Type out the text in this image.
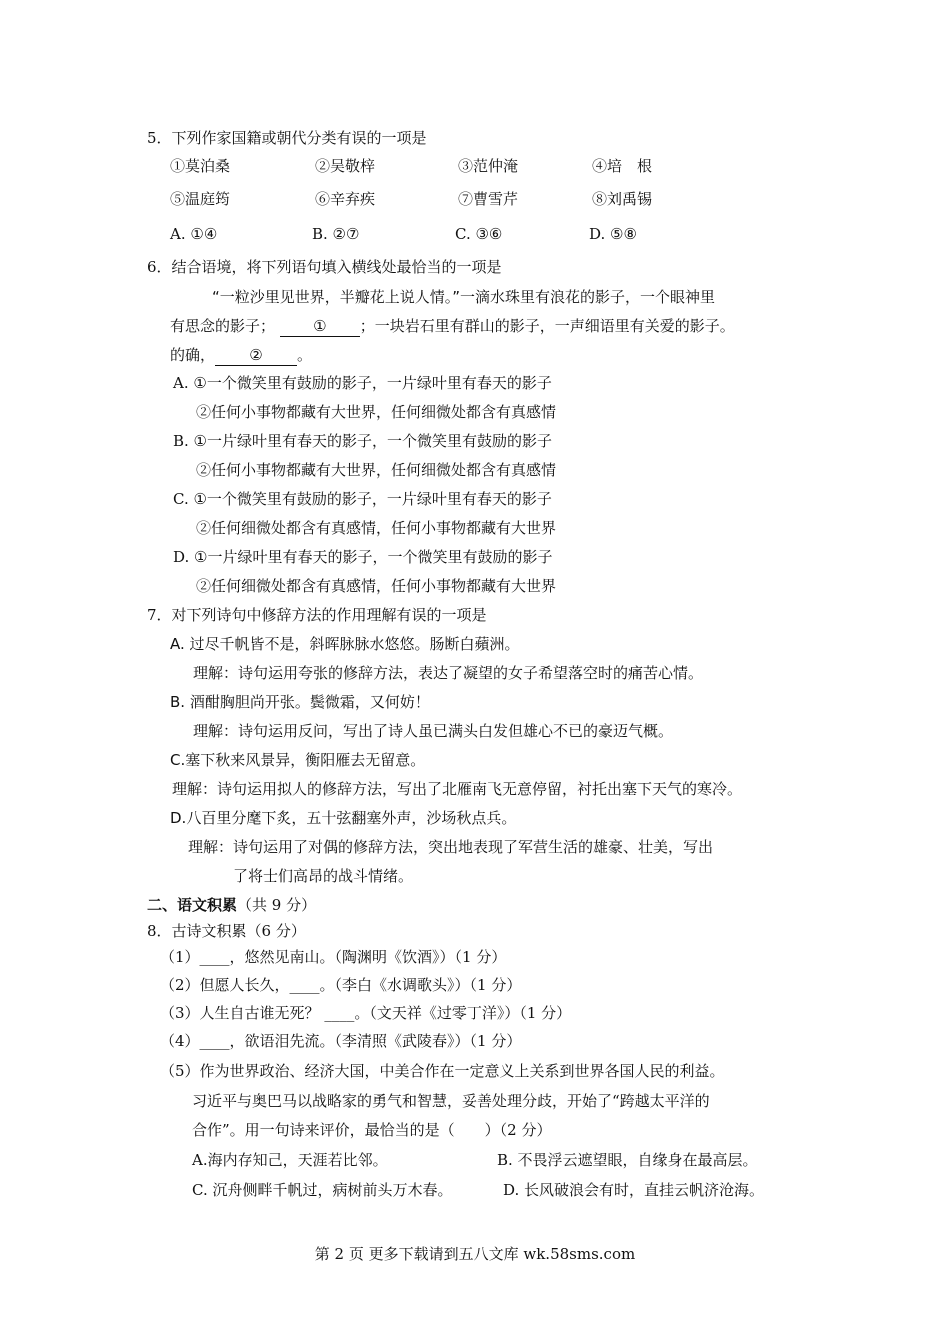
5．下列作家国籍或朝代分类有误的一项是
①莫泊桑	②吴敬梓	③范仲淹	④培　根
⑤温庭筠	⑥辛弃疾	⑦曹雪芹	⑧刘禹锡
A. ①④	B. ②⑦	C. ③⑥	D. ⑤⑧
6．结合语境，将下列语句填入横线处最恰当的一项是
“一粒沙里见世界，半瓣花上说人情。”一滴水珠里有浪花的影子，一个眼神里
有思念的影子；	① ；一块岩石里有群山的影子，一声细语里有关爱的影子。
的确， ② 。
A. ①一个微笑里有鼓励的影子，一片绿叶里有春天的影子
②任何小事物都藏有大世界，任何细微处都含有真感情
B. ①一片绿叶里有春天的影子，一个微笑里有鼓励的影子
②任何小事物都藏有大世界，任何细微处都含有真感情
C. ①一个微笑里有鼓励的影子，一片绿叶里有春天的影子
②任何细微处都含有真感情，任何小事物都藏有大世界
D. ①一片绿叶里有春天的影子，一个微笑里有鼓励的影子
②任何细微处都含有真感情，任何小事物都藏有大世界
7．对下列诗句中修辞方法的作用理解有误的一项是
A. 过尽千帆皆不是，斜晖脉脉水悠悠。肠断白蘋洲。
理解：诗句运用夸张的修辞方法，表达了凝望的女子希望落空时的痛苦心情。
B. 酒酣胸胆尚开张。鬓微霜，又何妨！
理解：诗句运用反问，写出了诗人虽已满头白发但雄心不已的豪迈气概。
C.塞下秋来风景异，衡阳雁去无留意。
理解：诗句运用拟人的修辞方法，写出了北雁南飞无意停留，衬托出塞下天气的寒冷。
D.八百里分麾下炙，五十弦翻塞外声，沙场秋点兵。
理解：诗句运用了对偶的修辞方法，突出地表现了军营生活的雄豪、壮美，写出
了将士们高昂的战斗情绪。
二、语文积累（共 9 分）
8．古诗文积累（6 分）
（1）____，悠然见南山。（陶渊明《饮酒》）（1 分）
（2）但愿人长久，____。（李白《水调歌头》）（1 分）
（3）人生自古谁无死？ ____。（文天祥《过零丁洋》）（1 分）
（4）____，欲语泪先流。（李清照《武陵春》）（1 分）
（5）作为世界政治、经济大国，中美合作在一定意义上关系到世界各国人民的利益。
习近平与奥巴马以战略家的勇气和智慧，妥善处理分歧，开始了“跨越太平洋的
合作”。用一句诗来评价，最恰当的是（　　）（2 分）
A.海内存知己，天涯若比邻。	B. 不畏浮云遮望眼，自缘身在最高层。
C. 沉舟侧畔千帆过，病树前头万木春。	D. 长风破浪会有时，直挂云帆济沧海。
第 2 页 更多下载请到五八文库 wk.58sms.com
